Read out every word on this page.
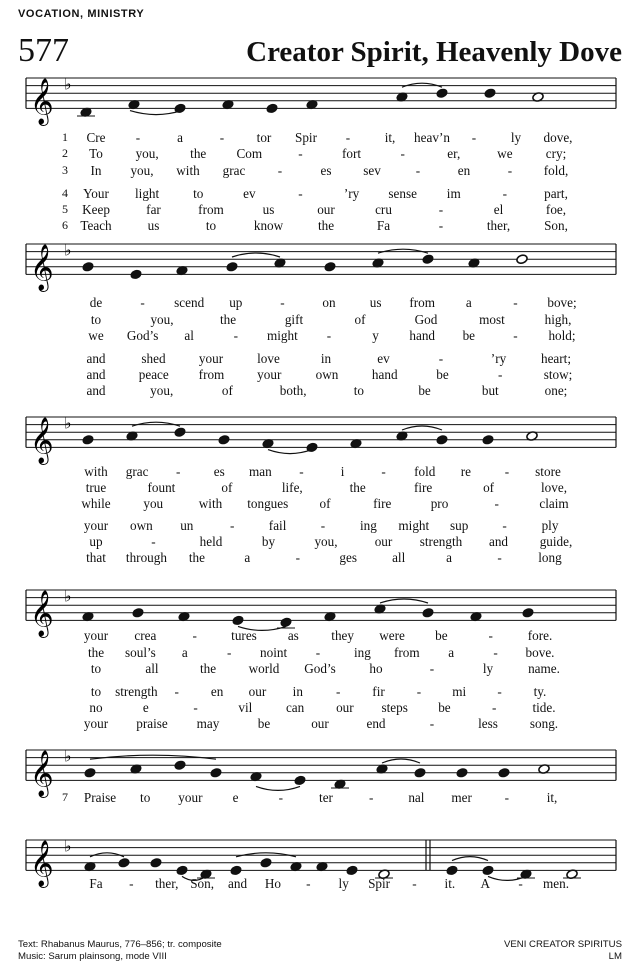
VOCATION, MINISTRY
577	Creator Spirit, Heavenly Dove
𝄞 ♭
𝄞 ♭
𝄞 ♭
𝄞 ♭
𝄞 ♭
𝄞 ♭
1
2
3
4
5
6
7
Cre -	a	- tor Spir -	it, heav’n -	ly dove,
To you, the Com	-	fort	-	er,	we	cry;
In you, with grac -	es sev	-	en	- fold,
Your light	to	ev	-	’ry sense im	-	part,
Keep	far	from	us	our	cru	-	el	foe,
Teach	us	to	know	the	Fa	-	ther,	Son,
de	- scend up	-	on	us from a	- bove;
to	you,	the	gift	of	God	most	high,
we God’s al	- might -	y hand be	- hold;
and	shed	your	love	in	ev	-	’ry	heart;
and	peace from your	own	hand	be	-	stow;
and	you,	of	both,	to	be	but	one;
with grac -	es man -	i	- fold re	- store
true	fount	of	life,	the	fire	of	love,
while you	with tongues of	fire	pro	-	claim
your own un	-	fail	-	ing might sup	-	ply
up	-	held	by	you,	our strength and guide,
that through the	a	-	ges	all	a	-	long
your crea	-	tures as they were be	-	fore.
the soul’s a	- noint -	ing from a	- bove.
to	all	the world God’s	ho	-	ly	name.
to strength - en our in	- fir - mi - ty.
no	e	-	vil	can our steps be	-	tide.
your praise may	be	our	end	-	less song.
Praise to your e	-	ter	-	nal mer -	it,
Fa - ther, Son, and Ho - ly Spir - it. A - men.
Text: Rhabanus Maurus, 776–856; tr. composite
Music: Sarum plainsong, mode VIII
VENI CREATOR SPIRITUS
LM
